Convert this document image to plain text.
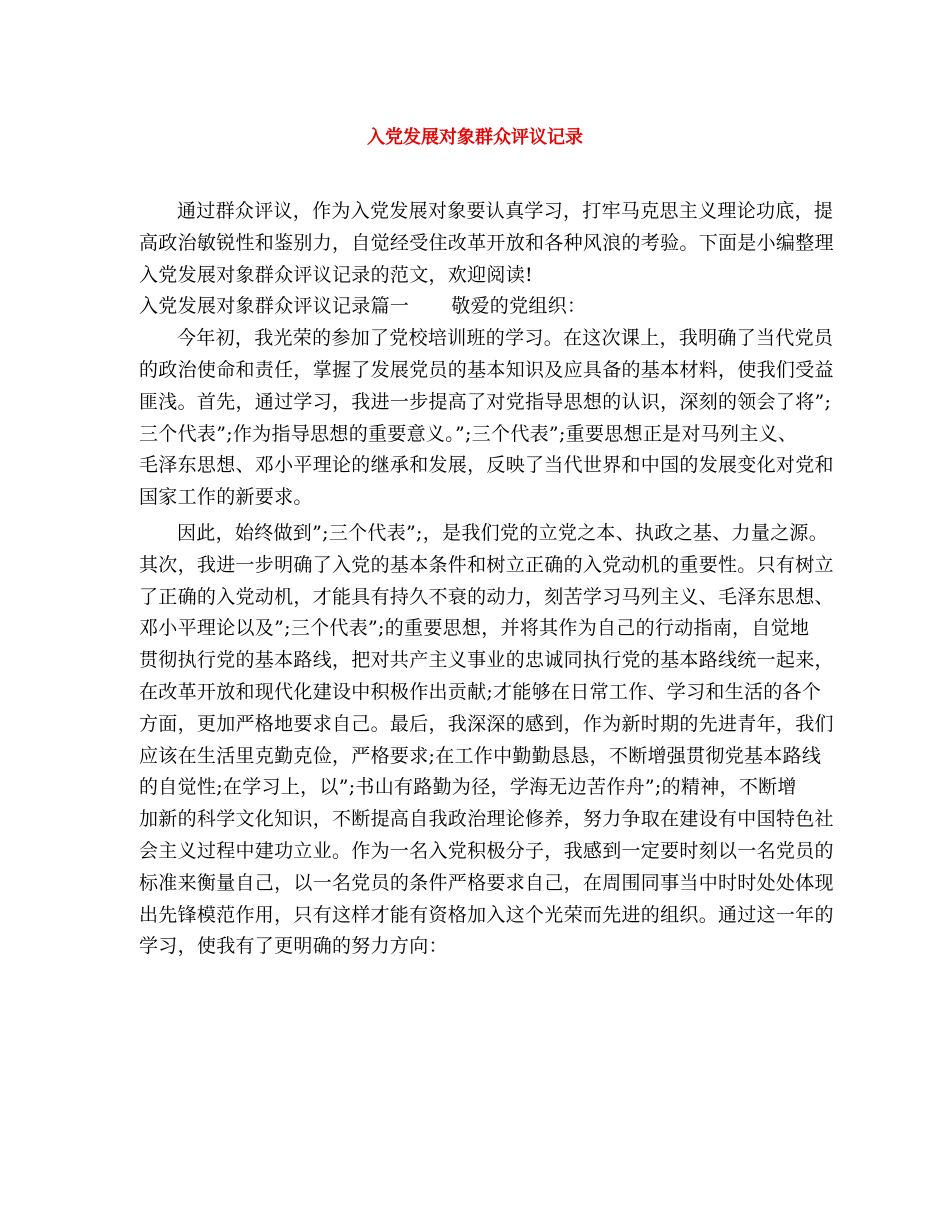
入党发展对象群众评议记录
通过群众评议，作为入党发展对象要认真学习，打牢马克思主义理论功底，提
高政治敏锐性和鉴别力，自觉经受住改革开放和各种风浪的考验。下面是小编整理
入党发展对象群众评议记录的范文，欢迎阅读!
入党发展对象群众评议记录篇一 敬爱的党组织：
今年初，我光荣的参加了党校培训班的学习。在这次课上，我明确了当代党员
的政治使命和责任，掌握了发展党员的基本知识及应具备的基本材料，使我们受益
匪浅。首先，通过学习，我进一步提高了对党指导思想的认识，深刻的领会了将”;
三个代表”;作为指导思想的重要意义。”;三个代表”;重要思想正是对马列主义、
毛泽东思想、邓小平理论的继承和发展，反映了当代世界和中国的发展变化对党和
国家工作的新要求。
因此，始终做到”;三个代表”;，是我们党的立党之本、执政之基、力量之源。
其次，我进一步明确了入党的基本条件和树立正确的入党动机的重要性。只有树立
了正确的入党动机，才能具有持久不衰的动力，刻苦学习马列主义、毛泽东思想、
邓小平理论以及”;三个代表”;的重要思想，并将其作为自己的行动指南，自觉地
贯彻执行党的基本路线，把对共产主义事业的忠诚同执行党的基本路线统一起来，
在改革开放和现代化建设中积极作出贡献;才能够在日常工作、学习和生活的各个
方面，更加严格地要求自己。最后，我深深的感到，作为新时期的先进青年，我们
应该在生活里克勤克俭，严格要求;在工作中勤勤恳恳，不断增强贯彻党基本路线
的自觉性;在学习上，以”;书山有路勤为径，学海无边苦作舟”;的精神，不断增
加新的科学文化知识，不断提高自我政治理论修养，努力争取在建设有中国特色社
会主义过程中建功立业。作为一名入党积极分子，我感到一定要时刻以一名党员的
标准来衡量自己，以一名党员的条件严格要求自己，在周围同事当中时时处处体现
出先锋模范作用，只有这样才能有资格加入这个光荣而先进的组织。通过这一年的
学习，使我有了更明确的努力方向：
